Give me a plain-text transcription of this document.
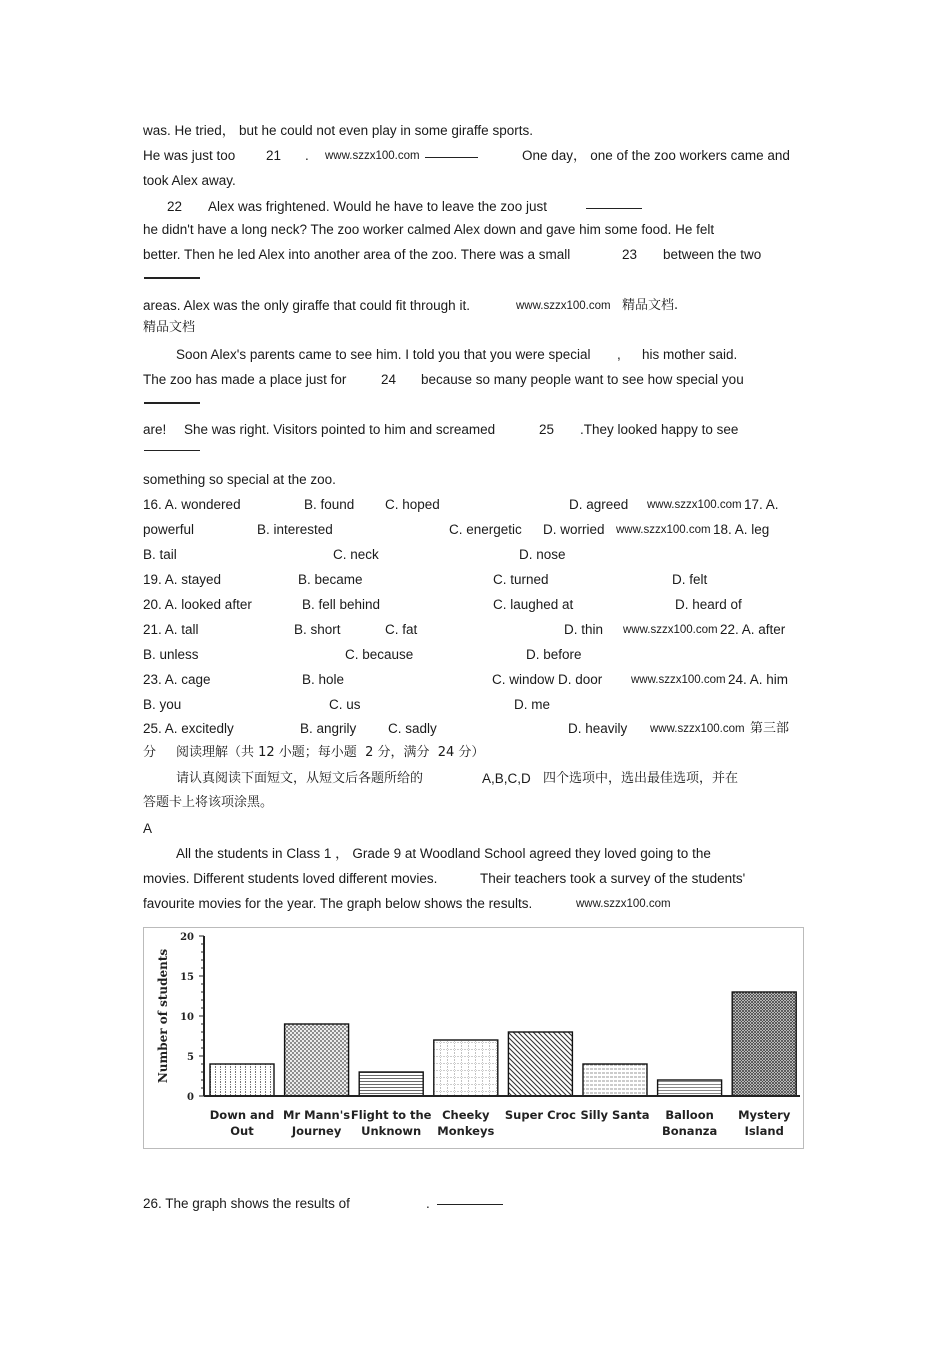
was. He tried， but he could not even play in some giraffe sports.
He was just too 21 . www.szzx100.com	One day， one of the zoo workers came and
took Alex away.
22 Alex was frightened. Would he have to leave the zoo just
he didn't have a long neck? The zoo worker calmed Alex down and gave him some food. He felt
better. Then he led Alex into another area of the zoo. There was a small	23 between the two
areas. Alex was the only giraffe that could fit through it.	www.szzx100.com 精品文档.
精品文档
Soon Alex's parents came to see him. I told you that you were special , his mother said.
The zoo has made a place just for	24 because so many people want to see how special you
are! She was right. Visitors pointed to him and screamed	25 .They looked happy to see
something so special at the zoo.
16. A. wondered	B. found C. hoped	D. agreed www.szzx100.com 17. A.
powerful	B. interested	C. energetic D. worried www.szzx100.com 18. A. leg
B. tail	C. neck	D. nose
19. A. stayed	B. became	C. turned	D. felt
20. A. looked after	B. fell behind	C. laughed at	D. heard of
21. A. tall	B. short	C. fat	D. thin www.szzx100.com 22. A. after
B. unless	C. because	D. before
23. A. cage	B. hole	C. window D. door www.szzx100.com 24. A. him
B. you	C. us	D. me
25. A. excitedly	B. angrily C. sadly	D. heavily www.szzx100.com 第三部
分 阅读理解（共 12 小题；每小题  2 分，满分  24 分）
请认真阅读下面短文，从短文后各题所给的	A,B,C,D 四个选项中，选出最佳选项，并在
答题卡上将该项涂黑。
A
All the students in Class 1 ， Grade 9 at Woodland School agreed they loved going to the
movies. Different students loved different movies.	Their teachers took a survey of the students'
favourite movies for the year. The graph below shows the results.	www.szzx100.com
0
5
10
15
20
Number of students
Down and
Out
Mr Mann's
Journey
Flight to the
Unknown
Cheeky
Monkeys
Super Croc Silly Santa Balloon
Bonanza
Mystery
Island
26. The graph shows the results of	.
